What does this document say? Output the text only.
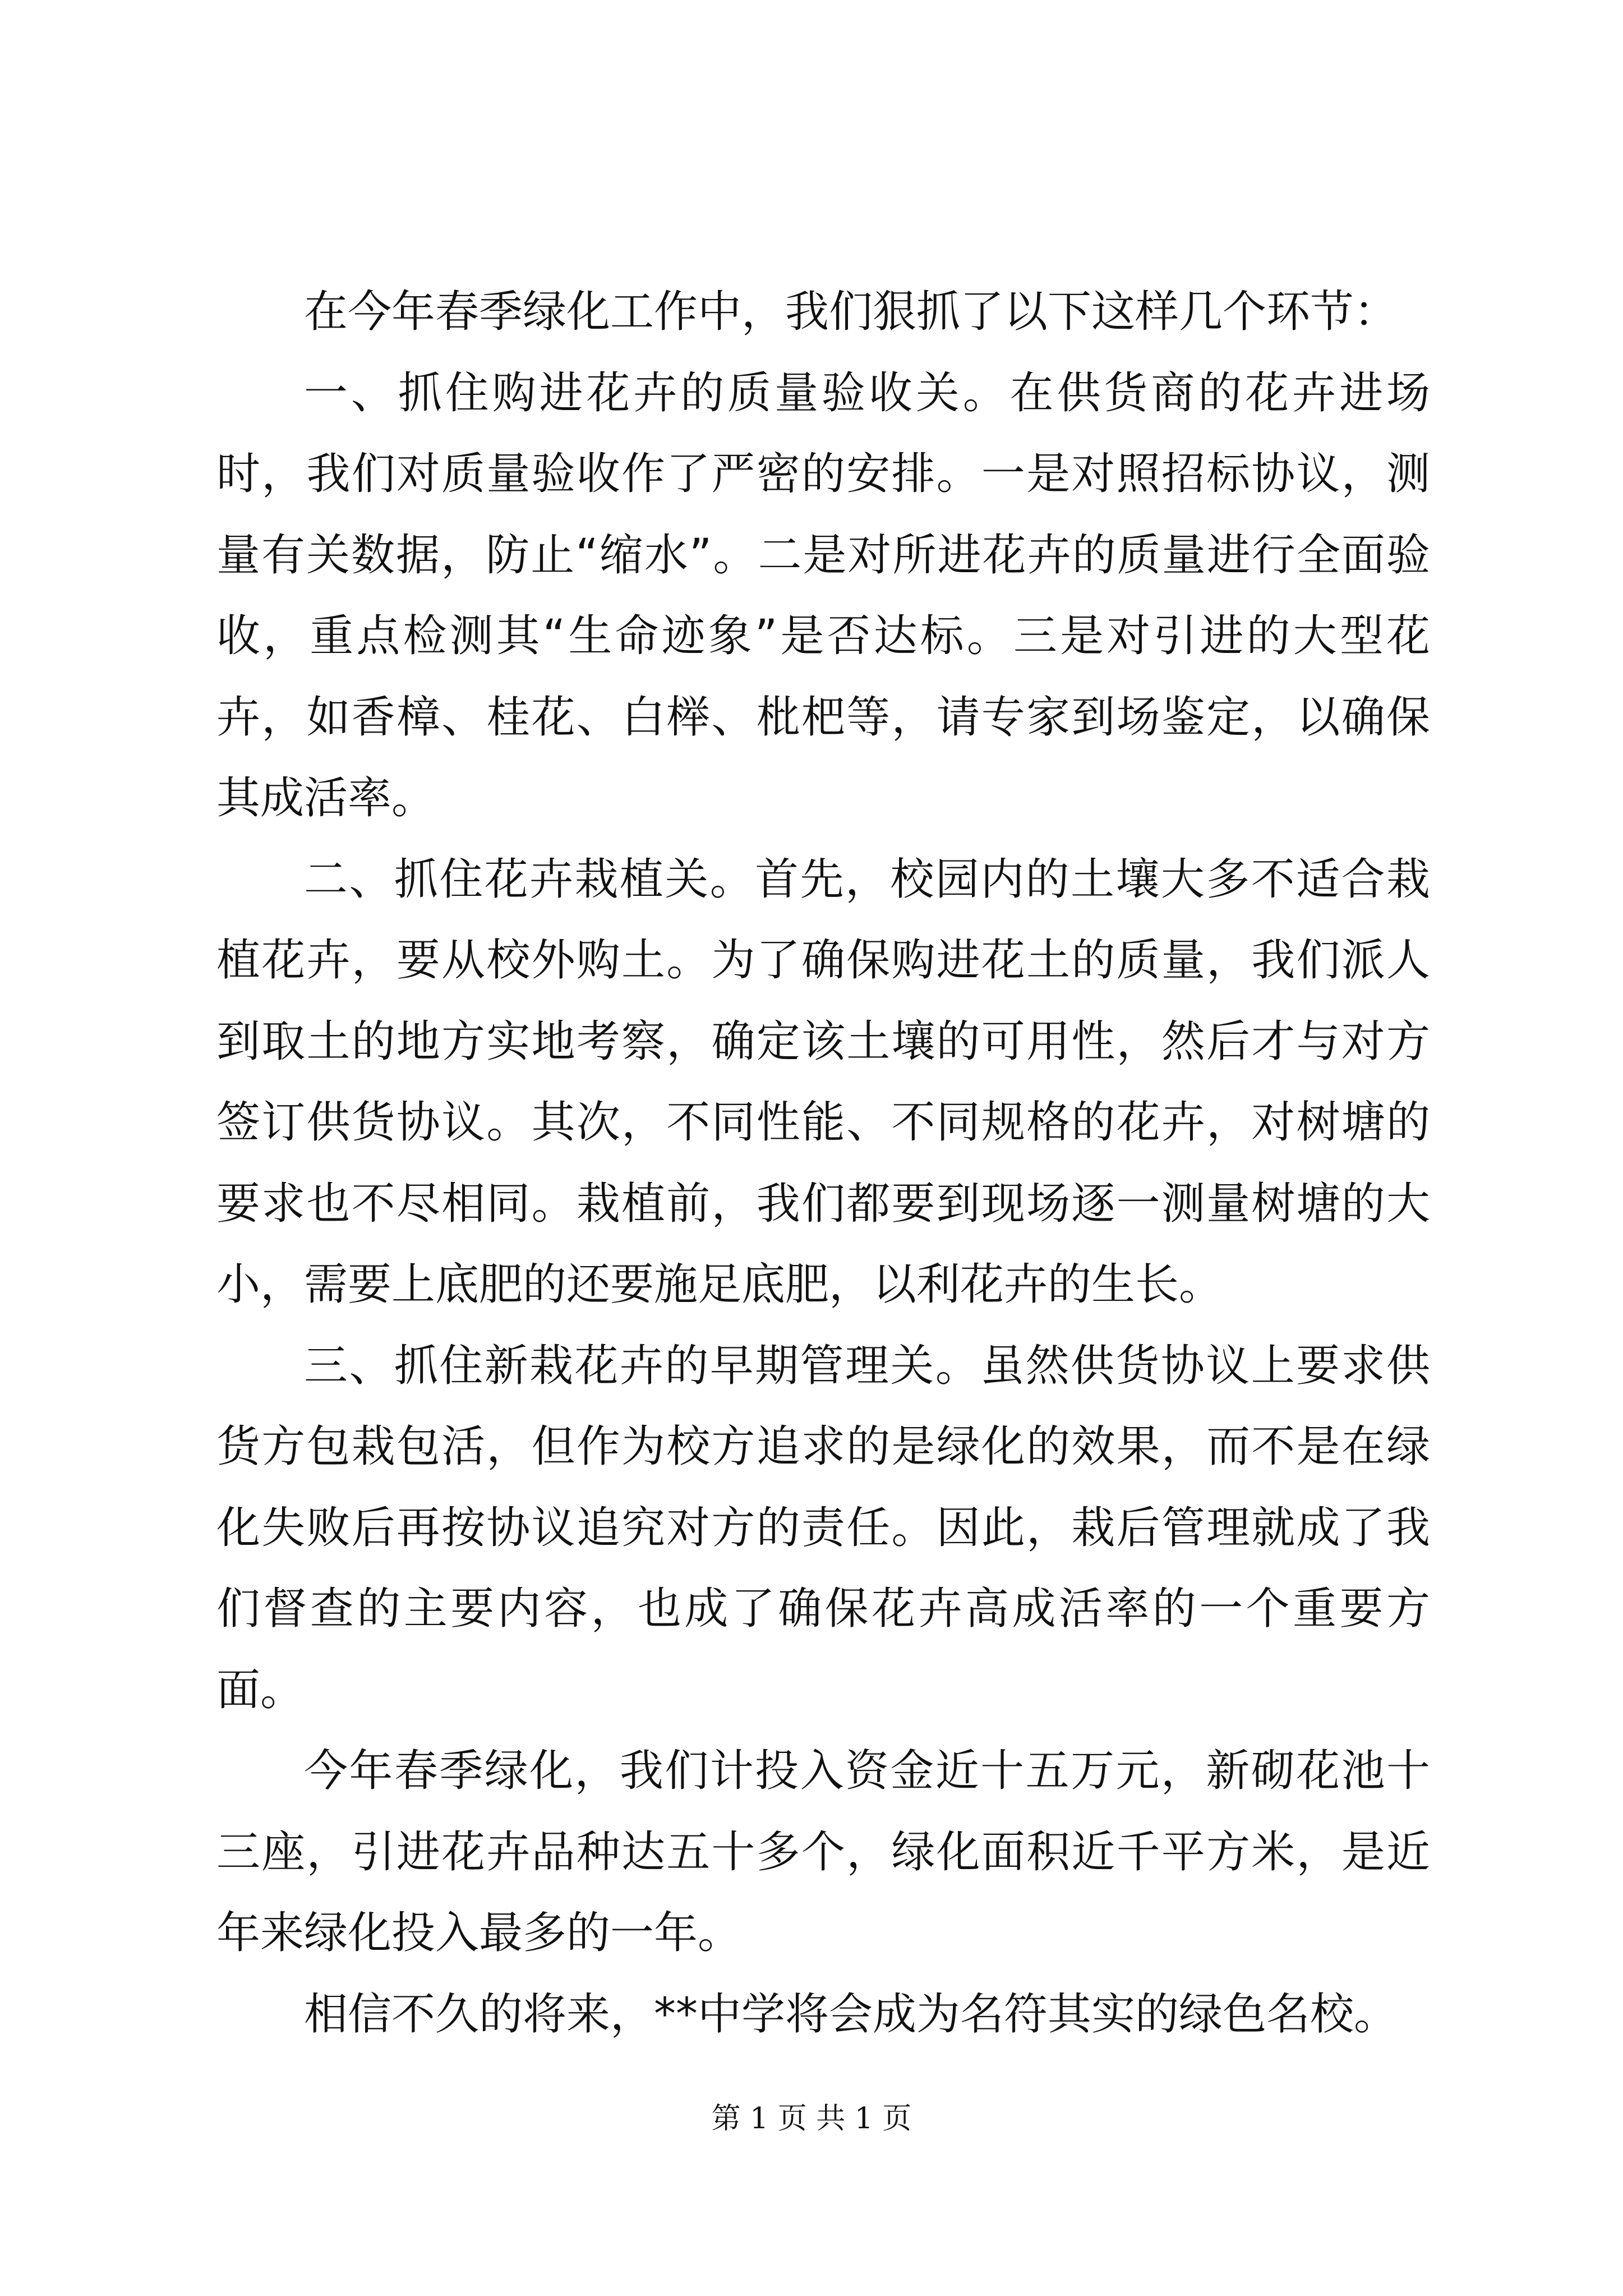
在今年春季绿化工作中，我们狠抓了以下这样几个环节：

一、抓住购进花卉的质量验收关。在供货商的花卉进场时，我们对质量验收作了严密的安排。一是对照招标协议，测量有关数据，防止“缩水”。二是对所进花卉的质量进行全面验收，重点检测其“生命迹象”是否达标。三是对引进的大型花卉，如香樟、桂花、白榉、枇杷等，请专家到场鉴定，以确保其成活率。

二、抓住花卉栽植关。首先，校园内的土壤大多不适合栽植花卉，要从校外购土。为了确保购进花土的质量，我们派人到取土的地方实地考察，确定该土壤的可用性，然后才与对方签订供货协议。其次，不同性能、不同规格的花卉，对树塘的要求也不尽相同。栽植前，我们都要到现场逐一测量树塘的大小，需要上底肥的还要施足底肥，以利花卉的生长。

三、抓住新栽花卉的早期管理关。虽然供货协议上要求供货方包栽包活，但作为校方追求的是绿化的效果，而不是在绿化失败后再按协议追究对方的责任。因此，栽后管理就成了我们督查的主要内容，也成了确保花卉高成活率的一个重要方面。

今年春季绿化，我们计投入资金近十五万元，新砌花池十三座，引进花卉品种达五十多个，绿化面积近千平方米，是近年来绿化投入最多的一年。

相信不久的将来，**中学将会成为名符其实的绿色名校。

第 1 页 共 1 页
